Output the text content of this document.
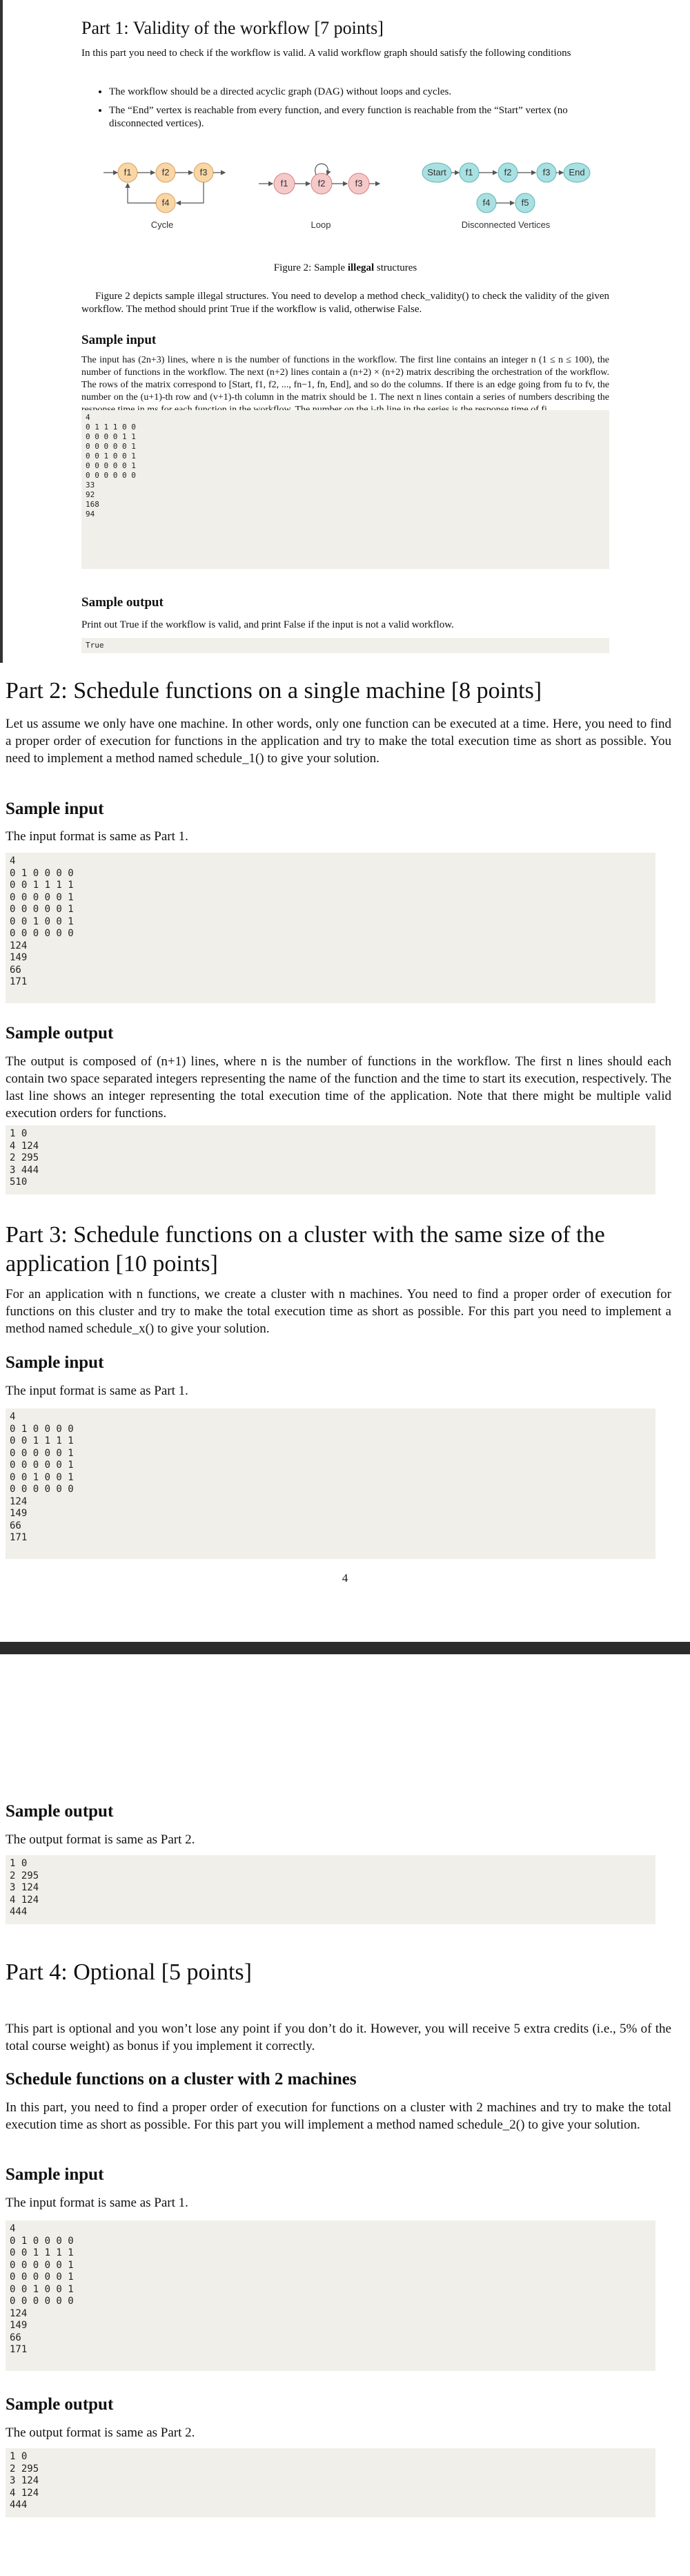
Part 1: Validity of the workflow [7 points]

In this part you need to check if the workflow is valid. A valid workflow graph should satisfy the following conditions

• The workflow should be a directed acyclic graph (DAG) without loops and cycles.
• The “End” vertex is reachable from every function, and every function is reachable from the “Start” vertex (no disconnected vertices).
f1	f2	f3
f4
Cycle
f1	f2	f3
Loop
Start f1	f2	f3 End
f4	f5
Disconnected Vertices
Figure 2: Sample illegal structures

Figure 2 depicts sample illegal structures. You need to develop a method check_validity() to check the validity of the given workflow. The method should print True if the workflow is valid, otherwise False.

Sample input

The input has (2n+3) lines, where n is the number of functions in the workflow. The first line contains an integer n (1 ≤ n ≤ 100), the number of functions in the workflow. The next (n+2) lines contain a (n+2) × (n+2) matrix describing the orchestration of the workflow. The rows of the matrix correspond to [Start, f1, f2, ..., fn−1, fn, End], and so do the columns. If there is an edge going from fu to fv, the number on the (u+1)-th row and (v+1)-th column in the matrix should be 1. The next n lines contain a series of numbers describing the

4
0 1 1 1 0 0
0 0 0 0 1 1
0 0 0 0 0 1
0 0 1 0 0 1
0 0 0 0 0 1
0 0 0 0 0 0
33
92
168
94
Sample output

Print out True if the workflow is valid, and print False if the input is not a valid workflow.

True
Part 2: Schedule functions on a single machine [8 points]

Let us assume we only have one machine. In other words, only one function can be executed at a time. Here, you need to find a proper order of execution for functions in the application and try to make the total execution time as short as possible. You need to implement a method named schedule_1() to give your solution.

Sample input

The input format is same as Part 1.

4
0 1 0 0 0 0
0 0 1 1 1 1
0 0 0 0 0 1
0 0 0 0 0 1
0 0 1 0 0 1
0 0 0 0 0 0
124
149
66
171
Sample output

The output is composed of (n+1) lines, where n is the number of functions in the workflow. The first n lines should each contain two space separated integers representing the name of the function and the time to start its execution, respectively. The last line shows an integer representing the total execution time of the application. Note that there might be multiple valid execution orders for functions.

1 0
4 124
2 295
3 444
510
Part 3: Schedule functions on a cluster with the same size of the application [10 points]

For an application with n functions, we create a cluster with n machines. You need to find a proper order of execution for functions on this cluster and try to make the total execution time as short as possible. For this part you need to implement a method named schedule_x() to give your solution.

Sample input

The input format is same as Part 1.

4
0 1 0 0 0 0
0 0 1 1 1 1
0 0 0 0 0 1
0 0 0 0 0 1
0 0 1 0 0 1
0 0 0 0 0 0
124
149
66
171
4
Sample output

The output format is same as Part 2.

1 0
2 295
3 124
4 124
444
Part 4: Optional [5 points]

This part is optional and you won’t lose any point if you don’t do it. However, you will receive 5 extra credits (i.e., 5% of the total course weight) as bonus if you implement it correctly.

Schedule functions on a cluster with 2 machines

In this part, you need to find a proper order of execution for functions on a cluster with 2 machines and try to make the total execution time as short as possible. For this part you will implement a method named schedule_2() to give your solution.

Sample input

The input format is same as Part 1.

4
0 1 0 0 0 0
0 0 1 1 1 1
0 0 0 0 0 1
0 0 0 0 0 1
0 0 1 0 0 1
0 0 0 0 0 0
124
149
66
171
Sample output

The output format is same as Part 2.

1 0
2 295
3 124
4 124
444
